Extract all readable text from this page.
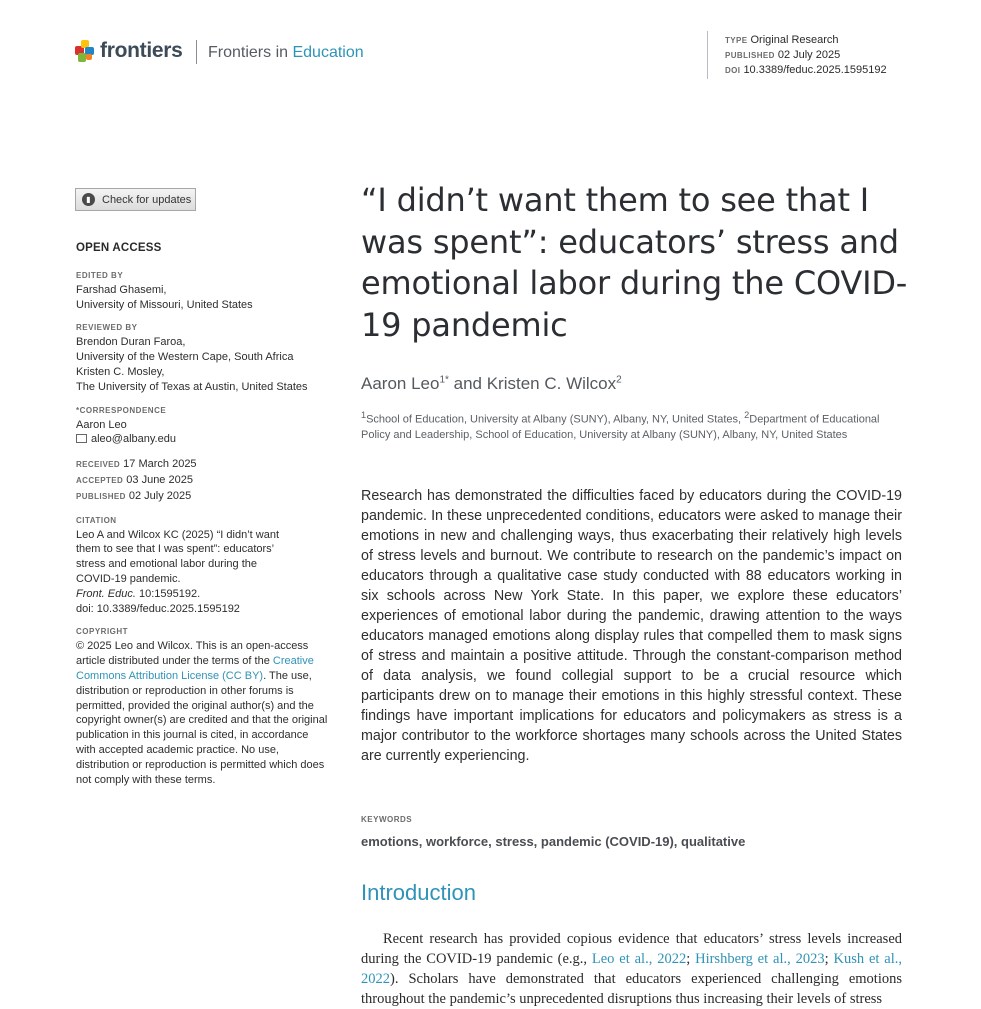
frontiers Frontiers in Education
TYPE Original Research
PUBLISHED 02 July 2025
DOI 10.3389/feduc.2025.1595192
▮	Check for updates
OPEN ACCESS
EDITED BY
Farshad Ghasemi,
University of Missouri, United States
REVIEWED BY
Brendon Duran Faroa,
University of the Western Cape, South Africa
Kristen C. Mosley,
The University of Texas at Austin, United States
*CORRESPONDENCE
Aaron Leo
aleo@albany.edu
RECEIVED 17 March 2025
ACCEPTED 03 June 2025
PUBLISHED 02 July 2025
CITATION
Leo A and Wilcox KC (2025) “I didn’t want
them to see that I was spent”: educators’
stress and emotional labor during the
COVID-19 pandemic.
Front. Educ. 10:1595192.
doi: 10.3389/feduc.2025.1595192
COPYRIGHT
© 2025 Leo and Wilcox. This is an open-access article distributed under the terms of the Creative Commons Attribution License (CC BY). The use, distribution or reproduction in other forums is permitted, provided the original author(s) and the copyright owner(s) are credited and that the original publication in this journal is cited, in accordance with accepted academic practice. No use, distribution or reproduction is permitted which does not comply with these terms.
“I didn’t want them to see that I was spent”: educators’ stress and emotional labor during the COVID-19 pandemic
Aaron Leo$^{1*}$ and Kristen C. Wilcox$^2$
$^1$School of Education, University at Albany (SUNY), Albany, NY, United States, $^2$Department of Educational Policy and Leadership, School of Education, University at Albany (SUNY), Albany, NY, United States

Research has demonstrated the difficulties faced by educators during the COVID-19 pandemic. In these unprecedented conditions, educators were asked to manage their emotions in new and challenging ways, thus exacerbating their relatively high levels of stress levels and burnout. We contribute to research on the pandemic’s impact on educators through a qualitative case study conducted with 88 educators working in six schools across New York State. In this paper, we explore these educators’ experiences of emotional labor during the pandemic, drawing attention to the ways educators managed emotions along display rules that compelled them to mask signs of stress and maintain a positive attitude. Through the constant-comparison method of data analysis, we found collegial support to be a crucial resource which participants drew on to manage their emotions in this highly stressful context. These findings have important implications for educators and policymakers as stress is a major contributor to the workforce shortages many schools across the United States are currently experiencing.

KEYWORDS
emotions, workforce, stress, pandemic (COVID-19), qualitative
Introduction

Recent research has provided copious evidence that educators’ stress levels increased during the COVID-19 pandemic (e.g., Leo et al., 2022; Hirshberg et al., 2023; Kush et al., 2022). Scholars have demonstrated that educators experienced challenging emotions throughout the pandemic’s unprecedented disruptions thus increasing their levels of stress
